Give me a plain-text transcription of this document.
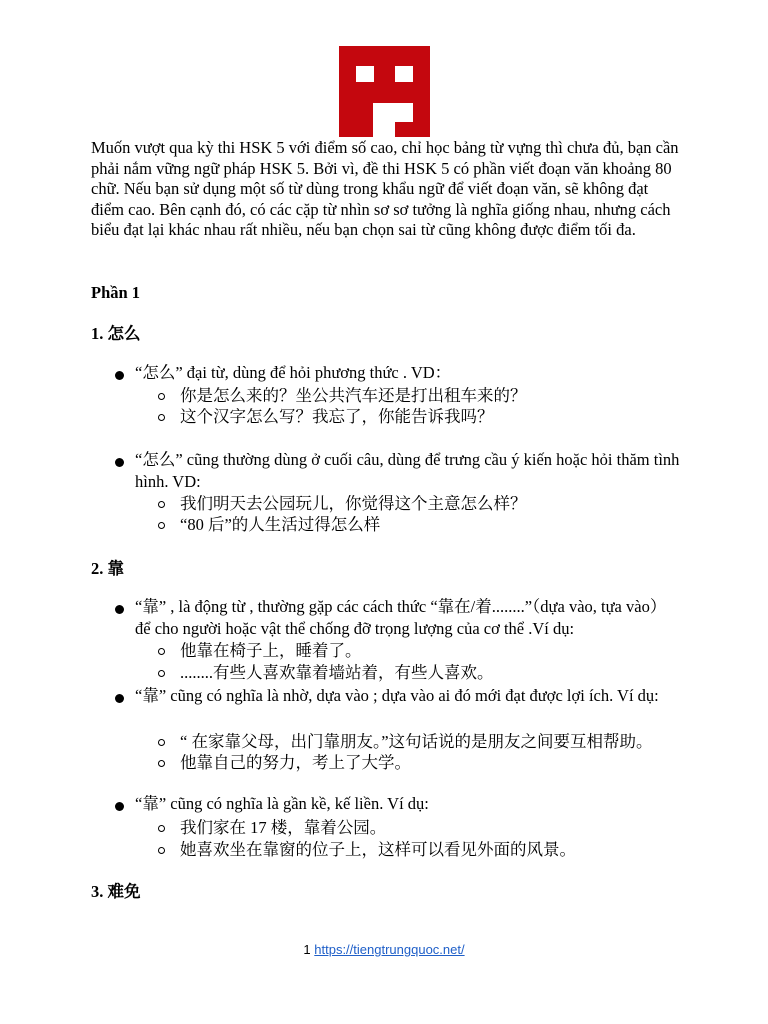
Muốn vượt qua kỳ thi HSK 5 với điểm số cao, chỉ học bảng từ vựng thì chưa đủ, bạn cần phải nắm vững ngữ pháp HSK 5. Bởi vì, đề thi HSK 5 có phần viết đoạn văn khoảng 80 chữ. Nếu bạn sử dụng một số từ dùng trong khẩu ngữ để viết đoạn văn, sẽ không đạt điểm cao. Bên cạnh đó, có các cặp từ nhìn sơ sơ tưởng là nghĩa giống nhau, nhưng cách biểu đạt lại khác nhau rất nhiều, nếu bạn chọn sai từ cũng không được điểm tối đa.

Phần 1

1. 怎么

“怎么” đại từ, dùng để hỏi phương thức . VD：

你是怎么来的？坐公共汽车还是打出租车来的？

这个汉字怎么写？我忘了，你能告诉我吗？

“怎么” cũng thường dùng ở cuối câu, dùng để trưng cầu ý kiến hoặc hỏi thăm tình hình. VD:

我们明天去公园玩儿，你觉得这个主意怎么样？

“80 后”的人生活过得怎么样

2. 靠

“靠” , là động từ , thường gặp các cách thức “靠在/着........”（dựa vào, tựa vào） để cho người hoặc vật thể chống đỡ trọng lượng của cơ thể .Ví dụ:

他靠在椅子上，睡着了。

........有些人喜欢靠着墙站着，有些人喜欢。

“靠” cũng có nghĩa là nhờ, dựa vào ; dựa vào ai đó mới đạt được lợi ích. Ví dụ:

“ 在家靠父母，出门靠朋友。”这句话说的是朋友之间要互相帮助。

他靠自己的努力，考上了大学。

“靠” cũng có nghĩa là gần kề, kế liền. Ví dụ:

我们家在 17 楼，靠着公园。

她喜欢坐在靠窗的位子上，这样可以看见外面的风景。

3. 难免

1 https://tiengtrungquoc.net/
